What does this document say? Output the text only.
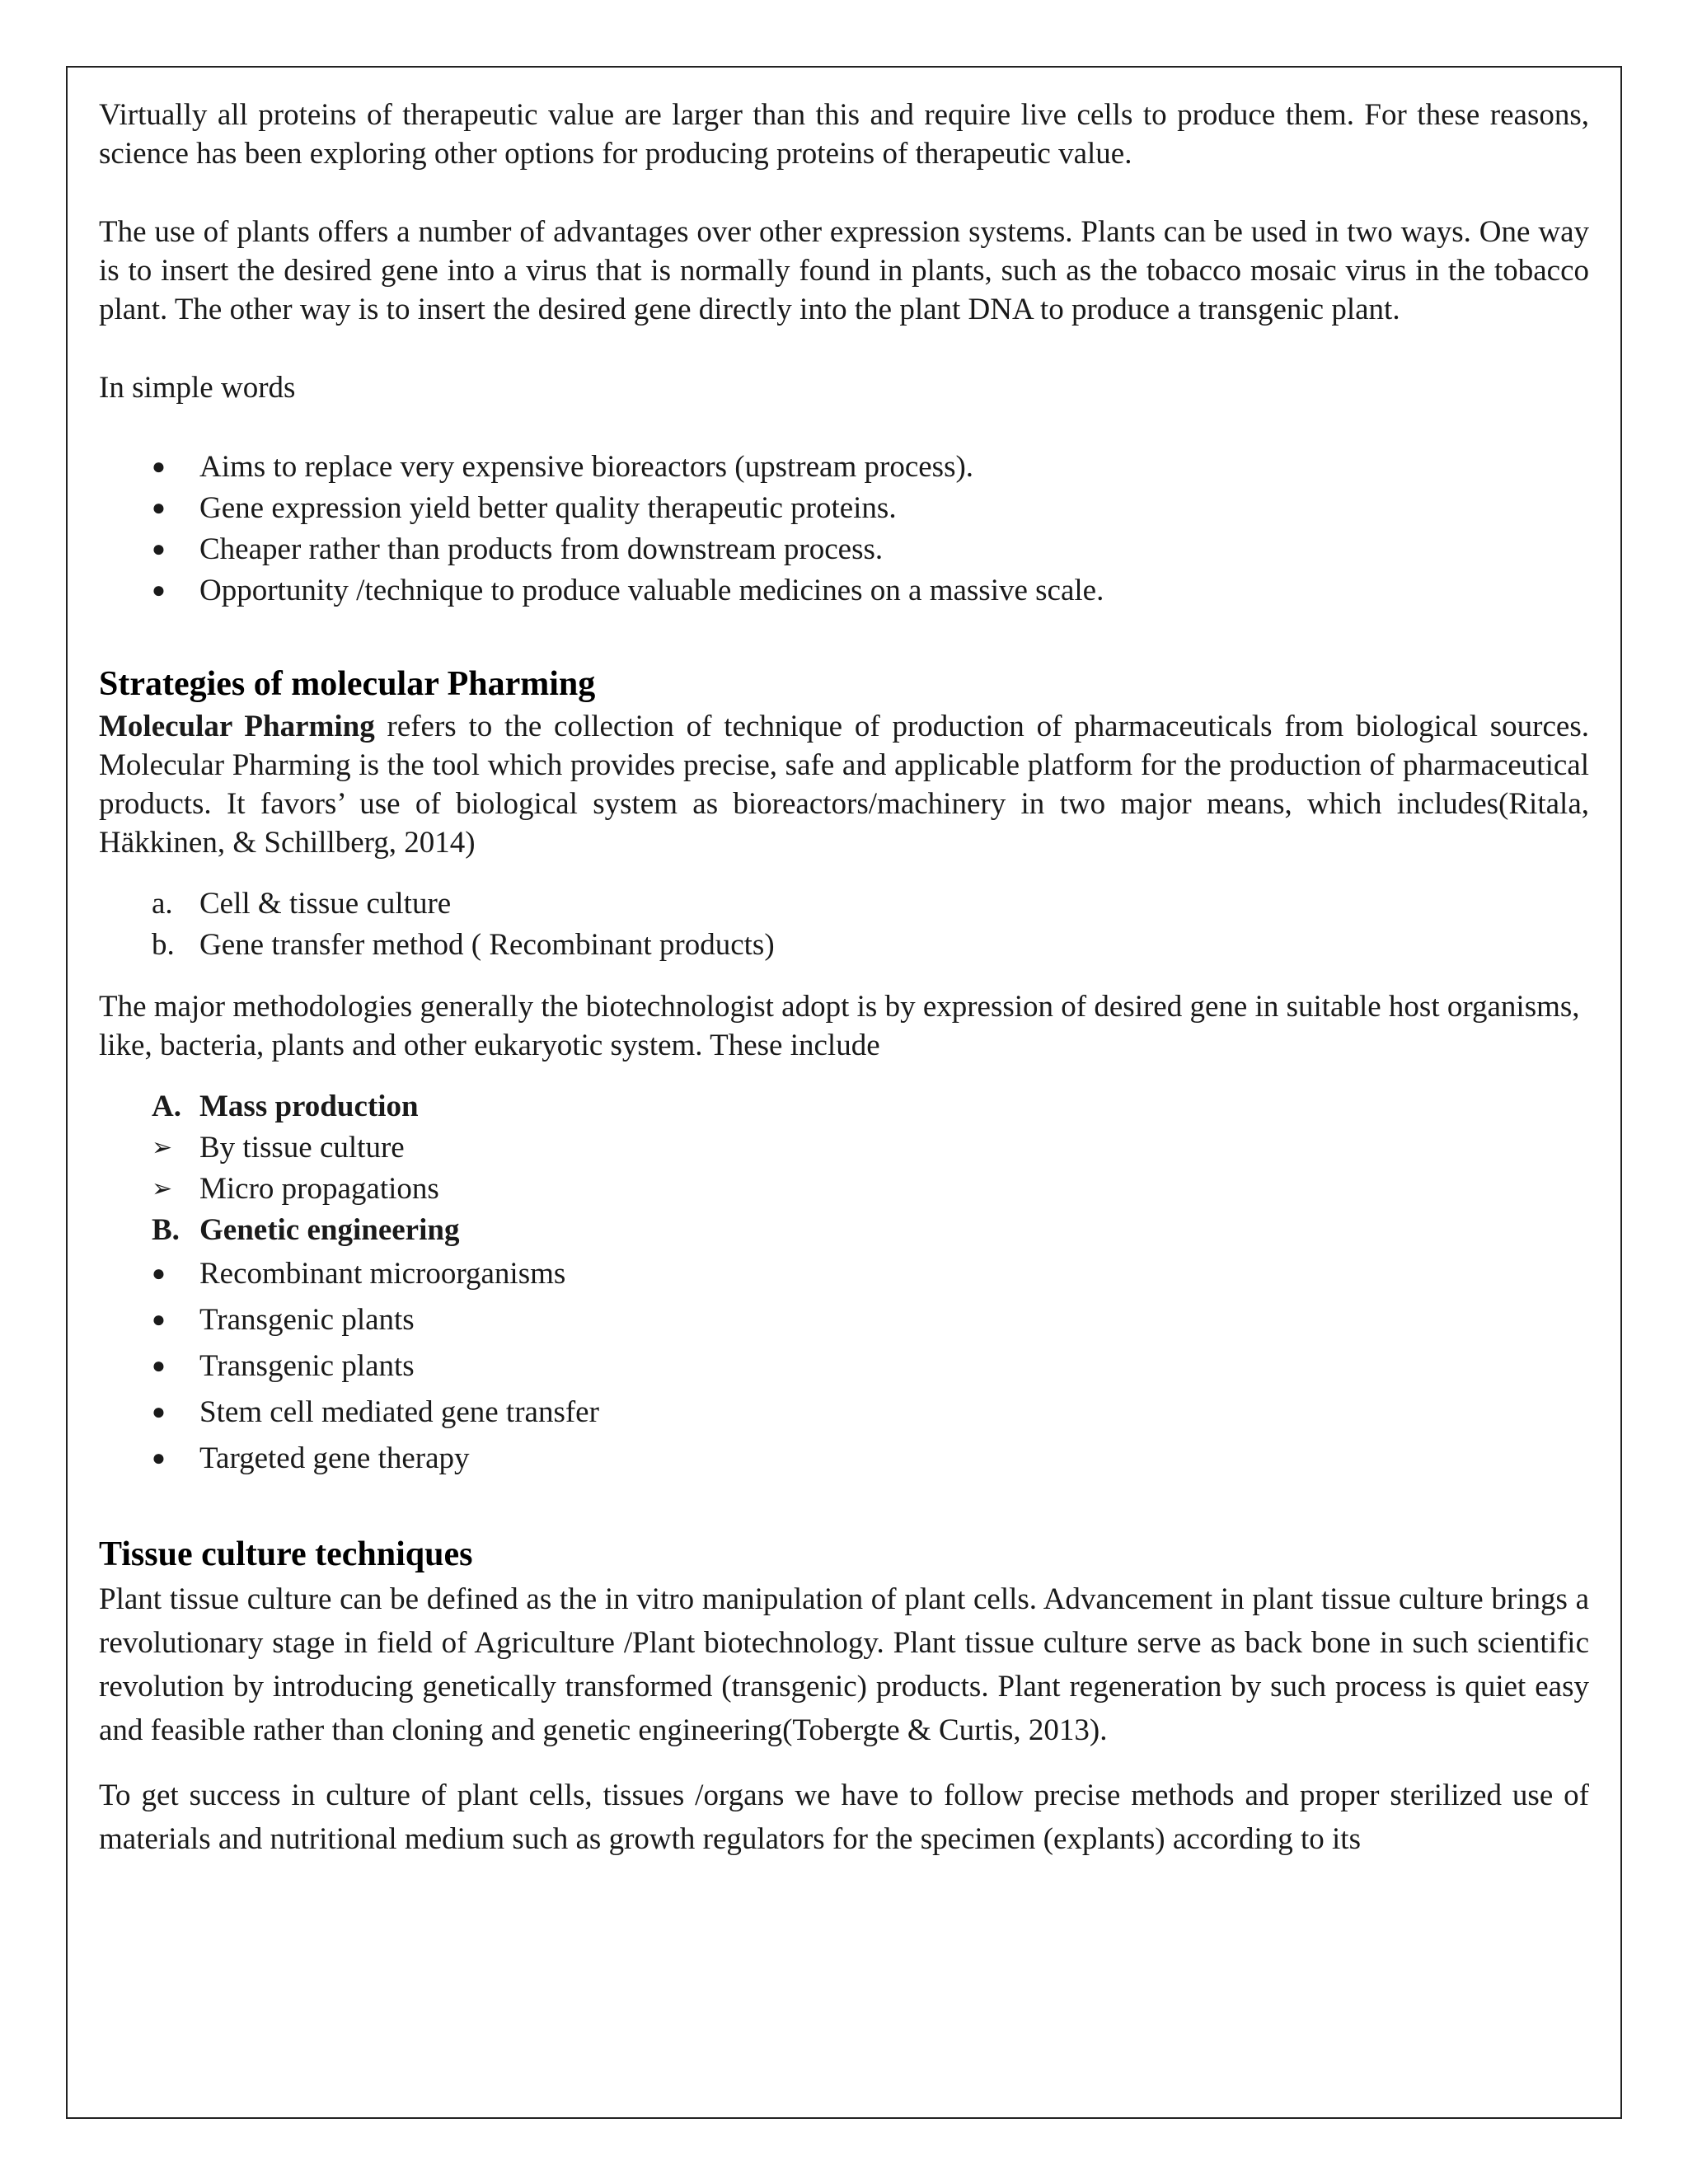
Virtually all proteins of therapeutic value are larger than this and require live cells to produce them. For these reasons, science has been exploring other options for producing proteins of therapeutic value.

The use of plants offers a number of advantages over other expression systems. Plants can be used in two ways. One way is to insert the desired gene into a virus that is normally found in plants, such as the tobacco mosaic virus in the tobacco plant. The other way is to insert the desired gene directly into the plant DNA to produce a transgenic plant.

In simple words

●	Aims to replace very expensive bioreactors (upstream process).
●	Gene expression yield better quality therapeutic proteins.
●	Cheaper rather than products from downstream process.
●	Opportunity /technique to produce valuable medicines on a massive scale.
Strategies of molecular Pharming

Molecular Pharming refers to the collection of technique of production of pharmaceuticals from biological sources. Molecular Pharming is the tool which provides precise, safe and applicable platform for the production of pharmaceutical products. It favors’ use of biological system as bioreactors/machinery in two major means, which includes(Ritala, Häkkinen, & Schillberg, 2014)

a. Cell & tissue culture
b. Gene transfer method ( Recombinant products)

The major methodologies generally the biotechnologist adopt is by expression of desired gene in suitable host organisms, like, bacteria, plants and other eukaryotic system. These include

A. Mass production
➢ By tissue culture
➢ Micro propagations
B. Genetic engineering
●	Recombinant microorganisms
●	Transgenic plants
●	Transgenic plants
●	Stem cell mediated gene transfer
●	Targeted gene therapy
Tissue culture techniques

Plant tissue culture can be defined as the in vitro manipulation of plant cells. Advancement in plant tissue culture brings a revolutionary stage in field of Agriculture /Plant biotechnology. Plant tissue culture serve as back bone in such scientific revolution by introducing genetically transformed (transgenic) products. Plant regeneration by such process is quiet easy and feasible rather than cloning and genetic engineering(Tobergte & Curtis, 2013).

To get success in culture of plant cells, tissues /organs we have to follow precise methods and proper sterilized use of materials and nutritional medium such as growth regulators for the specimen (explants) according to its
